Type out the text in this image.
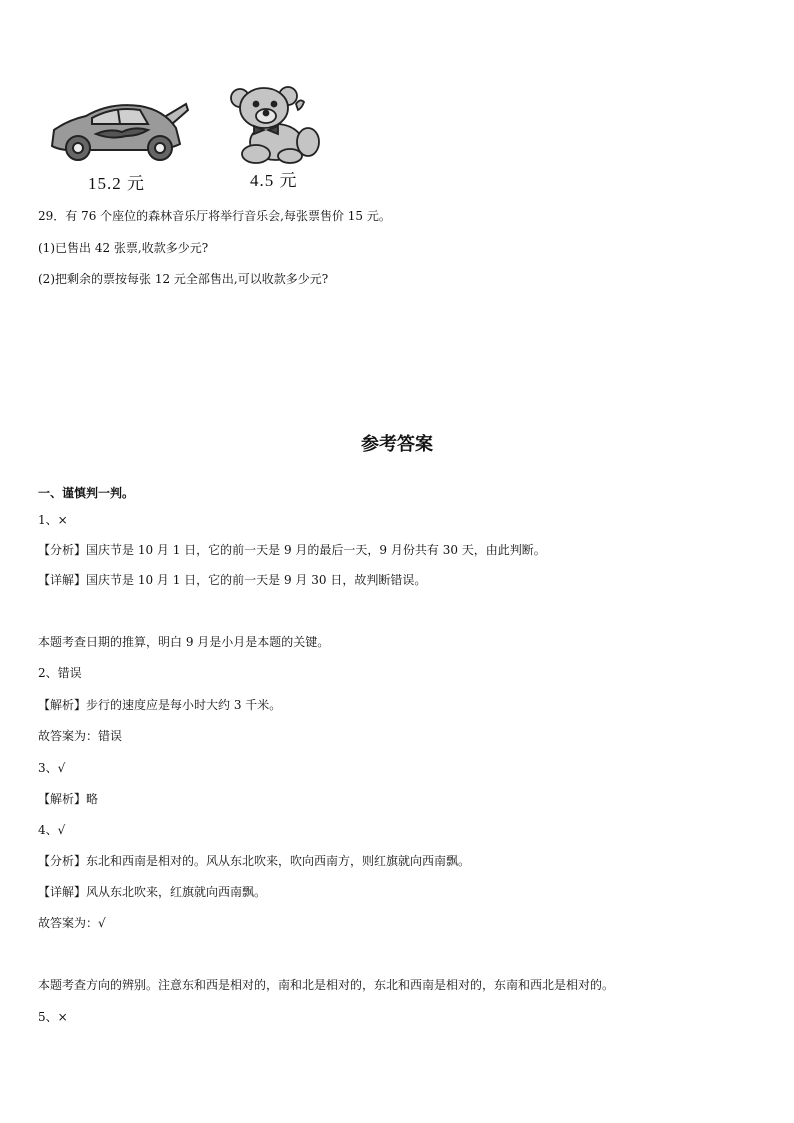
15.2 元	4.5 元
29．有 76 个座位的森林音乐厅将举行音乐会,每张票售价 15 元。
(1)已售出 42 张票,收款多少元?
(2)把剩余的票按每张 12 元全部售出,可以收款多少元?
参考答案
一、谨慎判一判。
1、×
【分析】国庆节是 10 月 1 日，它的前一天是 9 月的最后一天，9 月份共有 30 天，由此判断。
【详解】国庆节是 10 月 1 日，它的前一天是 9 月 30 日，故判断错误。
本题考查日期的推算，明白 9 月是小月是本题的关键。
2、错误
【解析】步行的速度应是每小时大约 3 千米。
故答案为：错误
3、√
【解析】略
4、√
【分析】东北和西南是相对的。风从东北吹来，吹向西南方，则红旗就向西南飘。
【详解】风从东北吹来，红旗就向西南飘。
故答案为：√
本题考查方向的辨别。注意东和西是相对的，南和北是相对的，东北和西南是相对的，东南和西北是相对的。
5、×
